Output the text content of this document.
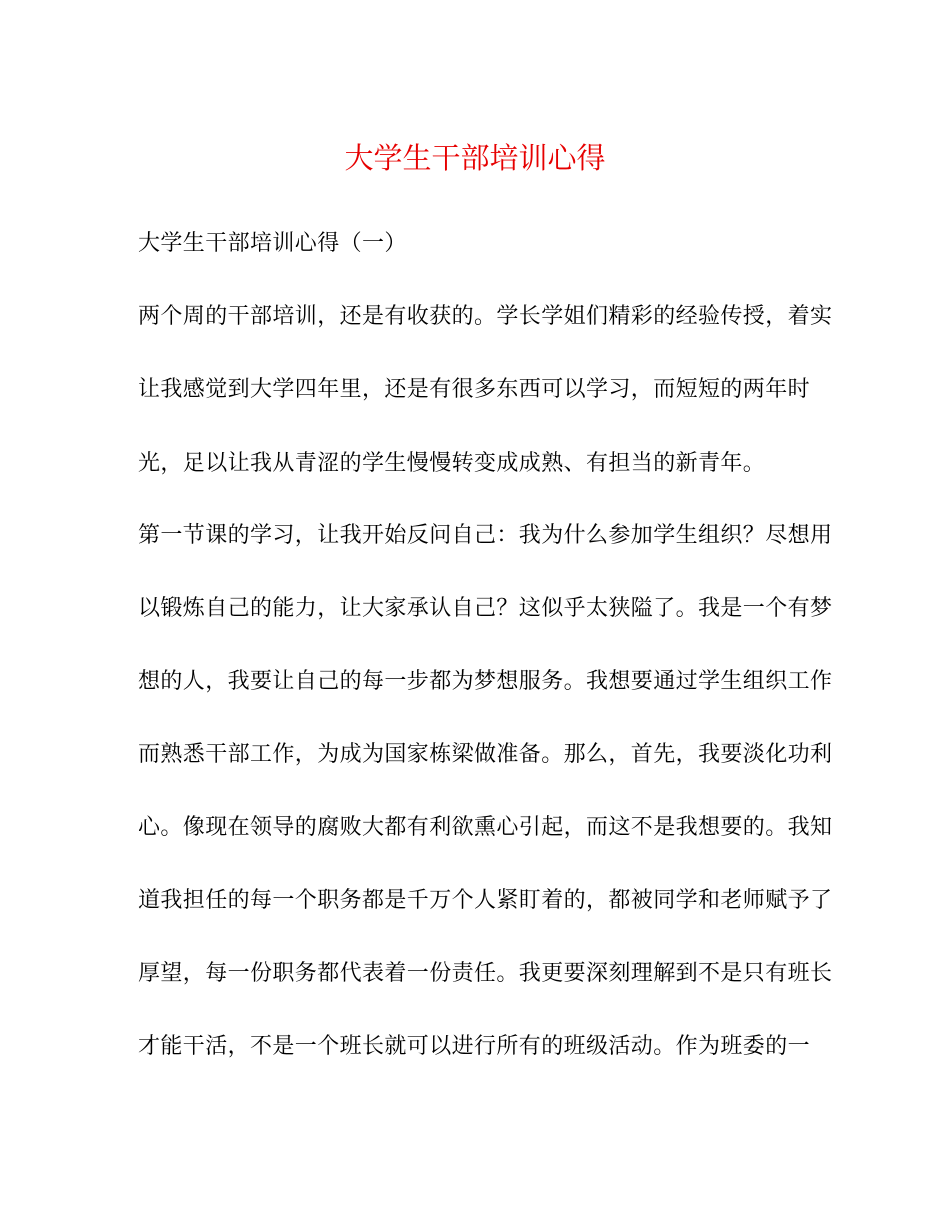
大学生干部培训心得
大学生干部培训心得（一）
两个周的干部培训，还是有收获的。学长学姐们精彩的经验传授，着实
让我感觉到大学四年里，还是有很多东西可以学习，而短短的两年时
光，足以让我从青涩的学生慢慢转变成成熟、有担当的新青年。
第一节课的学习，让我开始反问自己：我为什么参加学生组织？尽想用
以锻炼自己的能力，让大家承认自己？这似乎太狭隘了。我是一个有梦
想的人，我要让自己的每一步都为梦想服务。我想要通过学生组织工作
而熟悉干部工作，为成为国家栋梁做准备。那么，首先，我要淡化功利
心。像现在领导的腐败大都有利欲熏心引起，而这不是我想要的。我知
道我担任的每一个职务都是千万个人紧盯着的，都被同学和老师赋予了
厚望，每一份职务都代表着一份责任。我更要深刻理解到不是只有班长
才能干活，不是一个班长就可以进行所有的班级活动。作为班委的一
